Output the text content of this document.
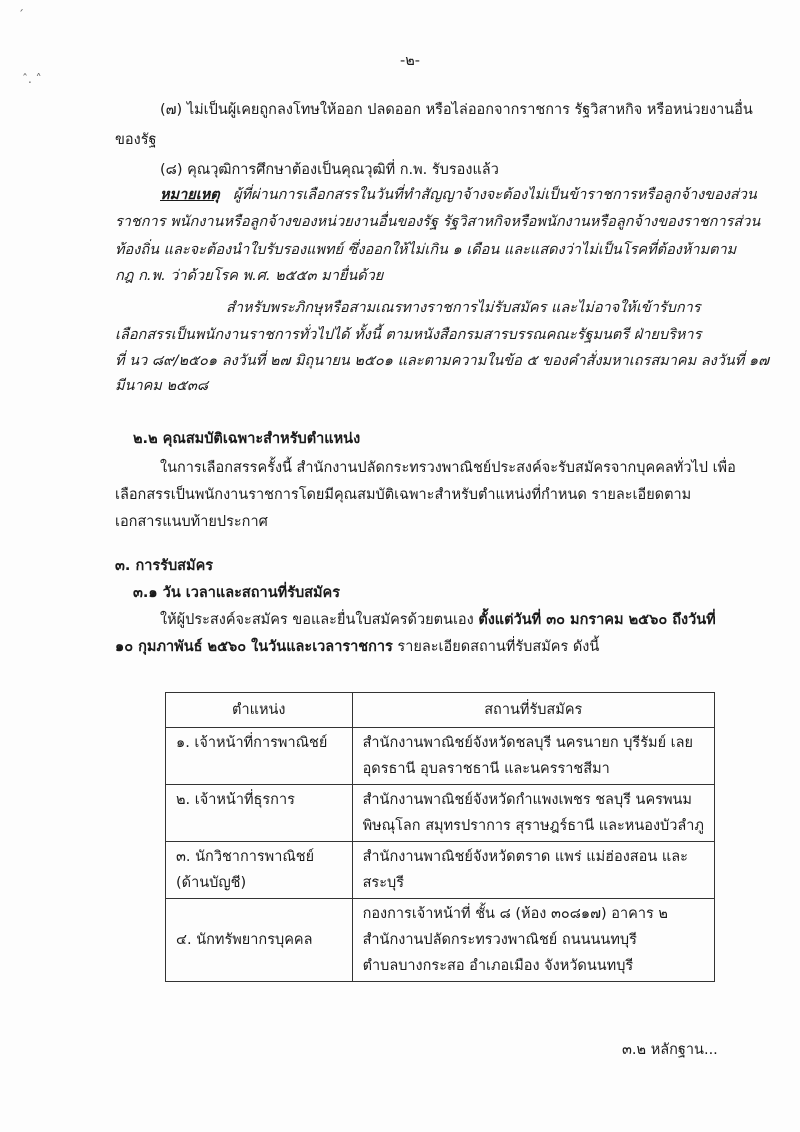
´
ˆ. ˄
-๒-
(๗) ไม่เป็นผู้เคยถูกลงโทษให้ออก ปลดออก หรือไล่ออกจากราชการ รัฐวิสาหกิจ หรือหน่วยงานอื่น
ของรัฐ
(๘) คุณวุฒิการศึกษาต้องเป็นคุณวุฒิที่ ก.พ. รับรองแล้ว
หมายเหตุ ผู้ที่ผ่านการเลือกสรรในวันที่ทำสัญญาจ้างจะต้องไม่เป็นข้าราชการหรือลูกจ้างของส่วน
ราชการ พนักงานหรือลูกจ้างของหน่วยงานอื่นของรัฐ รัฐวิสาหกิจหรือพนักงานหรือลูกจ้างของราชการส่วน
ท้องถิ่น และจะต้องนำใบรับรองแพทย์ ซึ่งออกให้ไม่เกิน ๑ เดือน และแสดงว่าไม่เป็นโรคที่ต้องห้ามตาม
กฎ ก.พ. ว่าด้วยโรค พ.ศ. ๒๕๕๓ มายื่นด้วย
สำหรับพระภิกษุหรือสามเณรทางราชการไม่รับสมัคร และไม่อาจให้เข้ารับการ
เลือกสรรเป็นพนักงานราชการทั่วไปได้ ทั้งนี้ ตามหนังสือกรมสารบรรณคณะรัฐมนตรี ฝ่ายบริหาร
ที่ นว ๘๙/๒๕๐๑ ลงวันที่ ๒๗ มิถุนายน ๒๕๐๑ และตามความในข้อ ๕ ของคำสั่งมหาเถรสมาคม ลงวันที่ ๑๗
มีนาคม ๒๕๓๘
๒.๒ คุณสมบัติเฉพาะสำหรับตำแหน่ง
ในการเลือกสรรครั้งนี้ สำนักงานปลัดกระทรวงพาณิชย์ประสงค์จะรับสมัครจากบุคคลทั่วไป เพื่อ
เลือกสรรเป็นพนักงานราชการโดยมีคุณสมบัติเฉพาะสำหรับตำแหน่งที่กำหนด รายละเอียดตาม
เอกสารแนบท้ายประกาศ
๓. การรับสมัคร
๓.๑ วัน เวลาและสถานที่รับสมัคร
ให้ผู้ประสงค์จะสมัคร ขอและยื่นใบสมัครด้วยตนเอง ตั้งแต่วันที่ ๓๐ มกราคม ๒๕๖๐ ถึงวันที่
๑๐ กุมภาพันธ์ ๒๕๖๐ ในวันและเวลาราชการ รายละเอียดสถานที่รับสมัคร ดังนี้
ตำแหน่ง	สถานที่รับสมัคร
๑. เจ้าหน้าที่การพาณิชย์	สำนักงานพาณิชย์จังหวัดชลบุรี นครนายก บุรีรัมย์ เลย
อุดรธานี อุบลราชธานี และนครราชสีมา

๒. เจ้าหน้าที่ธุรการ	สำนักงานพาณิชย์จังหวัดกำแพงเพชร ชลบุรี นครพนม
พิษณุโลก สมุทรปราการ สุราษฎร์ธานี และหนองบัวลำภู

๓. นักวิชาการพาณิชย์ (ด้านบัญชี)	สำนักงานพาณิชย์จังหวัดตราด แพร่ แม่ฮ่องสอน และ
สระบุรี

๔. นักทรัพยากรบุคคล	กองการเจ้าหน้าที่ ชั้น ๘ (ห้อง ๓๐๘๑๗) อาคาร ๒
สำนักงานปลัดกระทรวงพาณิชย์ ถนนนนทบุรี
ตำบลบางกระสอ อำเภอเมือง จังหวัดนนทบุรี
๓.๒ หลักฐาน...
